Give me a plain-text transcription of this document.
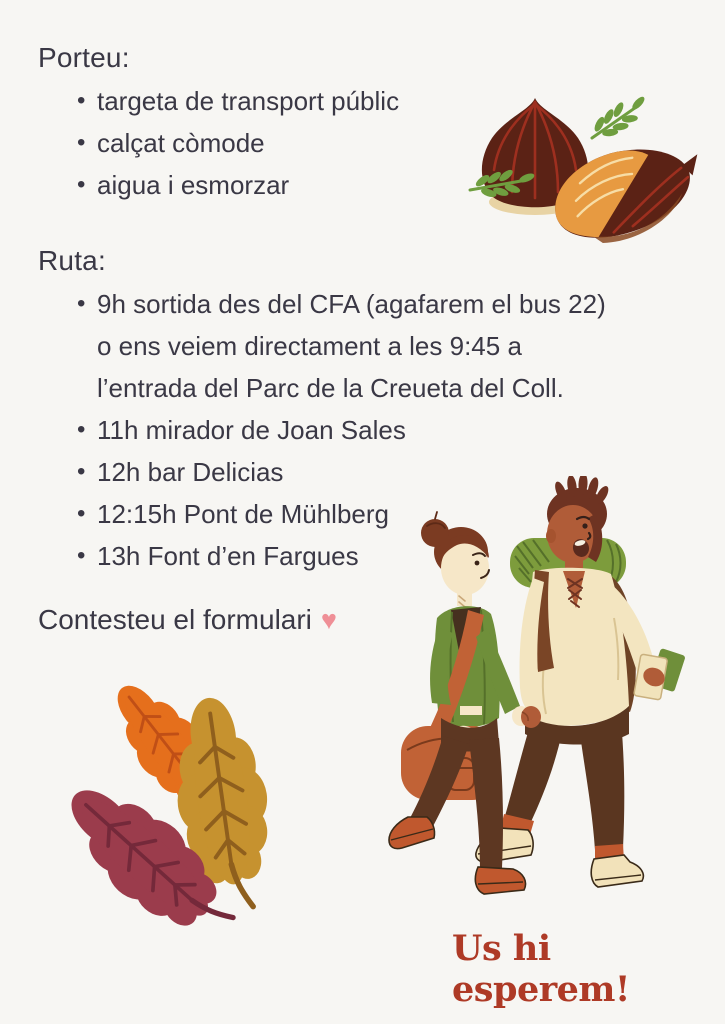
Porteu:
• targeta de transport públic
• calçat còmode
• aigua i esmorzar
Ruta:
• 9h sortida des del CFA (agafarem el bus 22)
o ens veiem directament a les 9:45 a
l’entrada del Parc de la Creueta del Coll.
• 11h mirador de Joan Sales
• 12h bar Delicias
• 12:15h Pont de Mühlberg
• 13h Font d’en Fargues
Contesteu el formulari ♥
Us hi esperem!
